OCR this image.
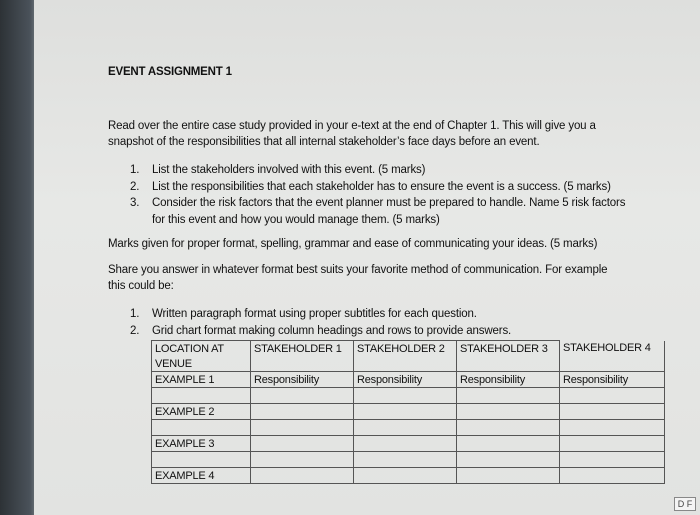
EVENT ASSIGNMENT 1
Read over the entire case study provided in your e-text at the end of Chapter 1. This will give you a
snapshot of the responsibilities that all internal stakeholder’s face days before an event.
1. List the stakeholders involved with this event. (5 marks)
2. List the responsibilities that each stakeholder has to ensure the event is a success. (5 marks)
3. Consider the risk factors that the event planner must be prepared to handle. Name 5 risk factors
for this event and how you would manage them. (5 marks)
Marks given for proper format, spelling, grammar and ease of communicating your ideas. (5 marks)
Share you answer in whatever format best suits your favorite method of communication. For example
this could be:
1. Written paragraph format using proper subtitles for each question.
2. Grid chart format making column headings and rows to provide answers.
LOCATION AT	STAKEHOLDER 1	STAKEHOLDER 2	STAKEHOLDER 3	STAKEHOLDER 4
VENUE				
EXAMPLE 1	Responsibility	Responsibility	Responsibility	Responsibility

EXAMPLE 2				

EXAMPLE 3				

EXAMPLE 4				
D F
